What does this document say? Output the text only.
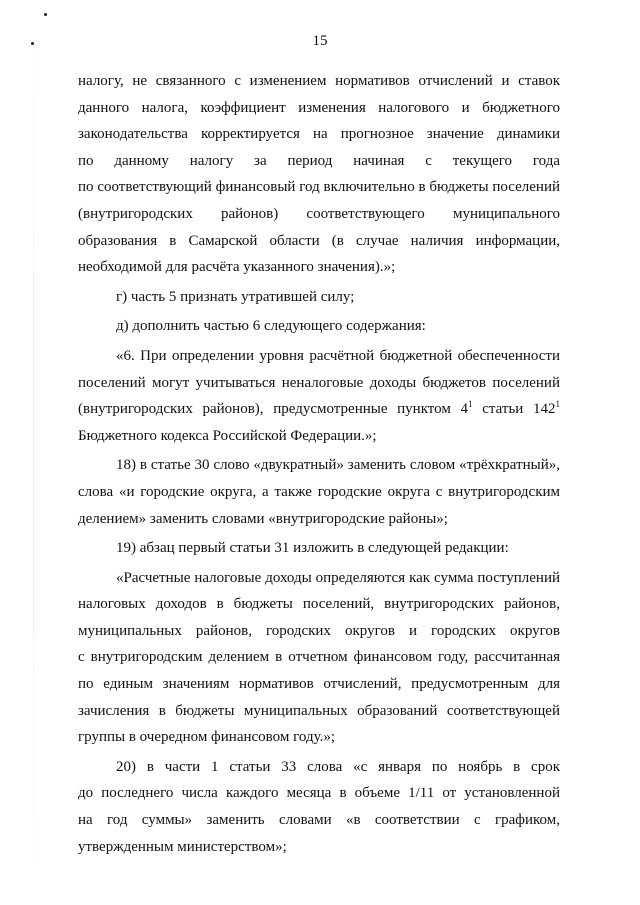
15
налогу, не связанного с изменением нормативов отчислений и ставок
данного налога, коэффициент изменения налогового и бюджетного
законодательства корректируется на прогнозное значение динамики
по данному налогу за период начиная с текущего года
по соответствующий финансовый год включительно в бюджеты поселений
(внутригородских районов) соответствующего муниципального
образования в Самарской области (в случае наличия информации,
необходимой для расчёта указанного значения).»;
г) часть 5 признать утратившей силу;
д) дополнить частью 6 следующего содержания:
«6. При определении уровня расчётной бюджетной обеспеченности
поселений могут учитываться неналоговые доходы бюджетов поселений
(внутригородских районов), предусмотренные пунктом $4^1$ статьи $142^1$
Бюджетного кодекса Российской Федерации.»;
18) в статье 30 слово «двукратный» заменить словом «трёхкратный»,
слова «и городские округа, а также городские округа с внутригородским
делением» заменить словами «внутригородские районы»;
19) абзац первый статьи 31 изложить в следующей редакции:
«Расчетные налоговые доходы определяются как сумма поступлений
налоговых доходов в бюджеты поселений, внутригородских районов,
муниципальных районов, городских округов и городских округов
с внутригородским делением в отчетном финансовом году, рассчитанная
по единым значениям нормативов отчислений, предусмотренным для
зачисления в бюджеты муниципальных образований соответствующей
группы в очередном финансовом году.»;
20) в части 1 статьи 33 слова «с января по ноябрь в срок
до последнего числа каждого месяца в объеме 1/11 от установленной
на год суммы» заменить словами «в соответствии с графиком,
утвержденным министерством»;
